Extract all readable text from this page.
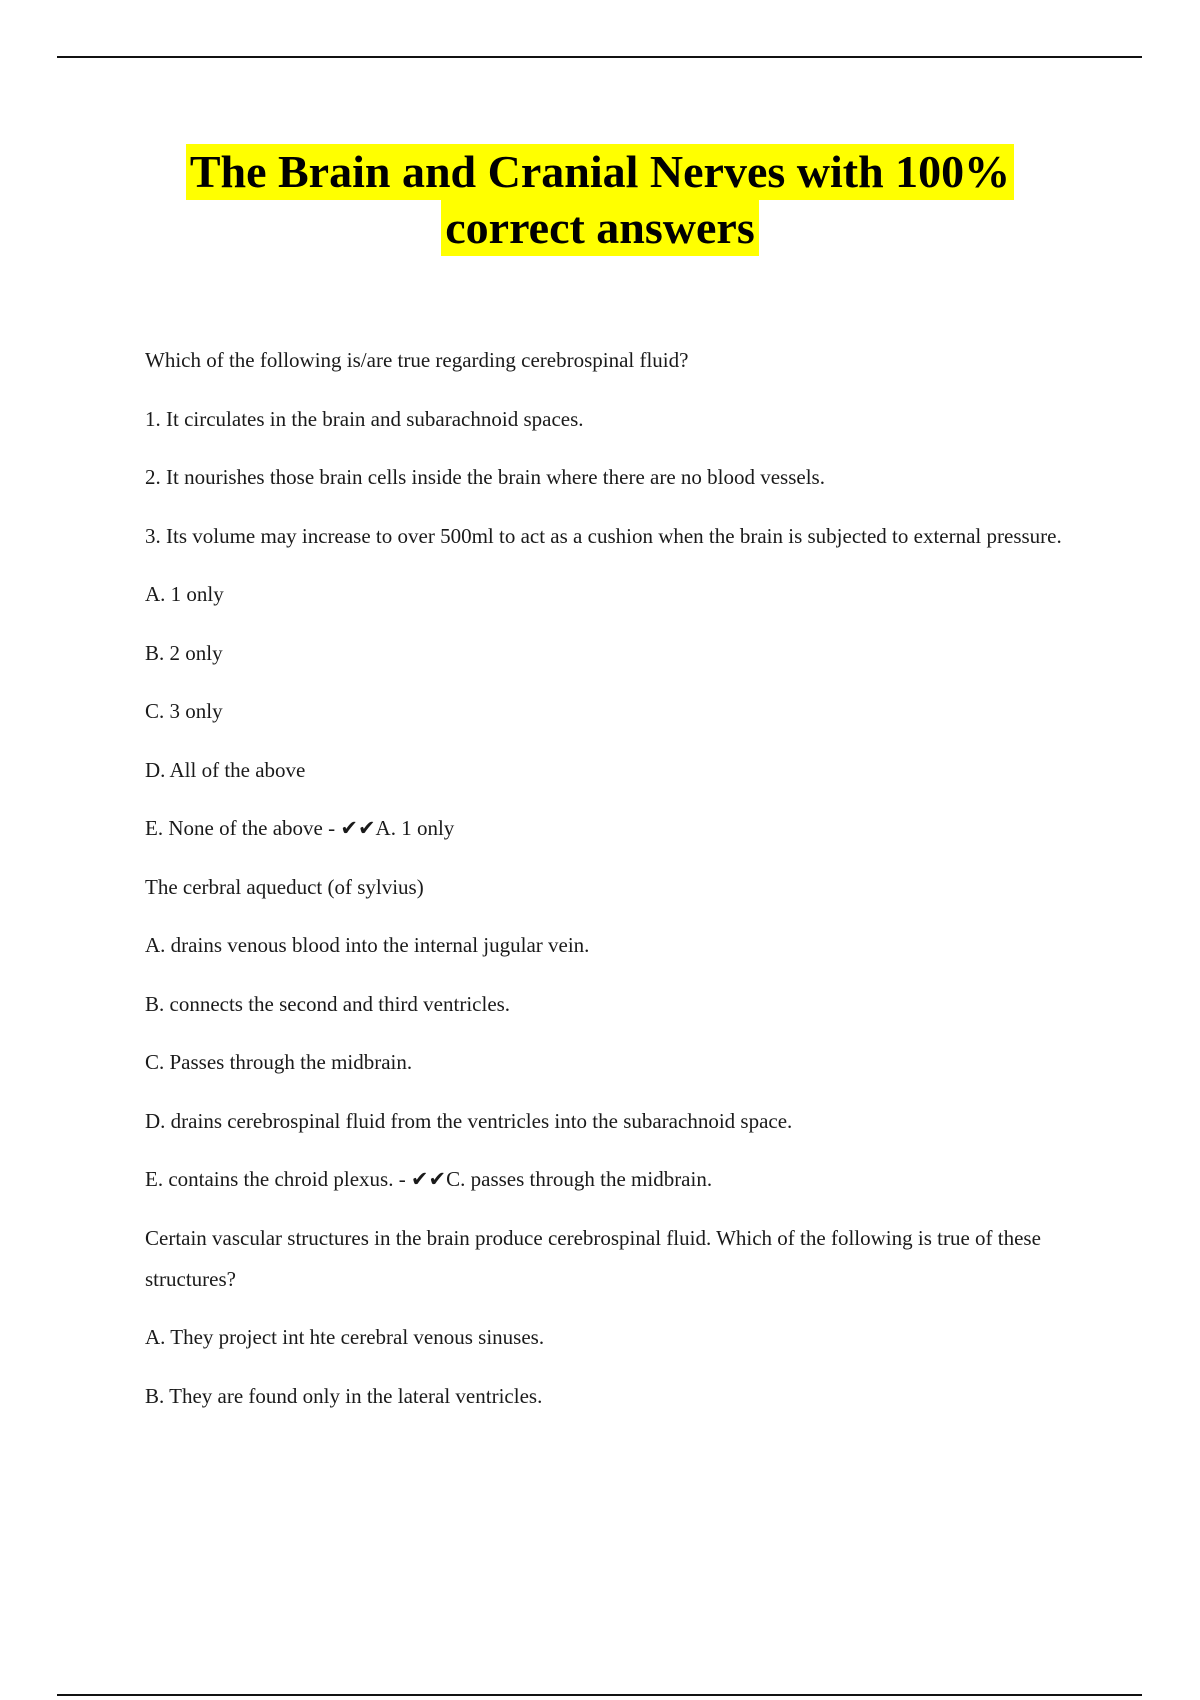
The Brain and Cranial Nerves with 100%
correct answers
Which of the following is/are true regarding cerebrospinal fluid?
1. It circulates in the brain and subarachnoid spaces.
2. It nourishes those brain cells inside the brain where there are no blood vessels.
3. Its volume may increase to over 500ml to act as a cushion when the brain is subjected to external pressure.
A. 1 only
B. 2 only
C. 3 only
D. All of the above
E. None of the above - ✔✔A. 1 only
The cerbral aqueduct (of sylvius)
A. drains venous blood into the internal jugular vein.
B. connects the second and third ventricles.
C. Passes through the midbrain.
D. drains cerebrospinal fluid from the ventricles into the subarachnoid space.
E. contains the chroid plexus. - ✔✔C. passes through the midbrain.
Certain vascular structures in the brain produce cerebrospinal fluid. Which of the following is true of these structures?
A. They project int hte cerebral venous sinuses.
B. They are found only in the lateral ventricles.
